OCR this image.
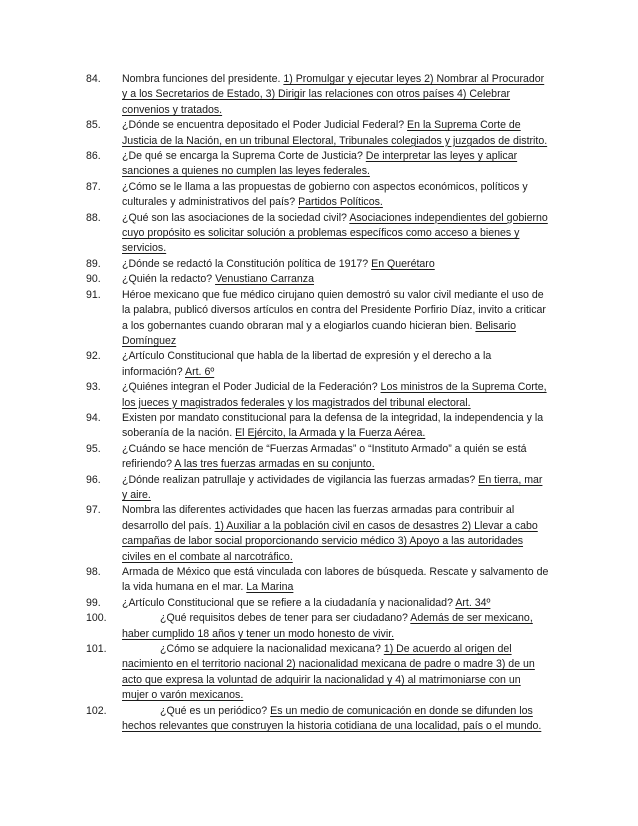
84. Nombra funciones del presidente. 1) Promulgar y ejecutar leyes 2) Nombrar al Procurador y a los Secretarios de Estado, 3) Dirigir las relaciones con otros países 4) Celebrar convenios y tratados.
85. ¿Dónde se encuentra depositado el Poder Judicial Federal? En la Suprema Corte de Justicia de la Nación, en un tribunal Electoral, Tribunales colegiados y juzgados de distrito.
86. ¿De qué se encarga la Suprema Corte de Justicia? De interpretar las leyes y aplicar sanciones a quienes no cumplen las leyes federales.
87. ¿Cómo se le llama a las propuestas de gobierno con aspectos económicos, políticos y culturales y administrativos del país? Partidos Políticos.
88. ¿Qué son las asociaciones de la sociedad civil? Asociaciones independientes del gobierno cuyo propósito es solicitar solución a problemas específicos como acceso a bienes y servicios.
89. ¿Dónde se redactó la Constitución política de 1917? En Querétaro
90. ¿Quién la redacto? Venustiano Carranza
91. Héroe mexicano que fue médico cirujano quien demostró su valor civil mediante el uso de la palabra, publicó diversos artículos en contra del Presidente Porfirio Díaz, invito a criticar a los gobernantes cuando obraran mal y a elogiarlos cuando hicieran bien. Belisario Domínguez
92. ¿Artículo Constitucional que habla de la libertad de expresión y el derecho a la información? Art. 6º
93. ¿Quiénes integran el Poder Judicial de la Federación? Los ministros de la Suprema Corte, los jueces y magistrados federales y los magistrados del tribunal electoral.
94. Existen por mandato constitucional para la defensa de la integridad, la independencia y la soberanía de la nación. El Ejército, la Armada y la Fuerza Aérea.
95. ¿Cuándo se hace mención de “Fuerzas Armadas” o “Instituto Armado” a quién se está refiriendo? A las tres fuerzas armadas en su conjunto.
96. ¿Dónde realizan patrullaje y actividades de vigilancia las fuerzas armadas? En tierra, mar y aire.
97. Nombra las diferentes actividades que hacen las fuerzas armadas para contribuir al desarrollo del país. 1) Auxiliar a la población civil en casos de desastres 2) Llevar a cabo campañas de labor social proporcionando servicio médico 3) Apoyo a las autoridades civiles en el combate al narcotráfico.
98. Armada de México que está vinculada con labores de búsqueda. Rescate y salvamento de la vida humana en el mar. La Marina
99. ¿Artículo Constitucional que se refiere a la ciudadanía y nacionalidad? Art. 34º
100.	¿Qué requisitos debes de tener para ser ciudadano? Además de ser mexicano, haber cumplido 18 años y tener un modo honesto de vivir.
101.	¿Cómo se adquiere la nacionalidad mexicana? 1) De acuerdo al origen del nacimiento en el territorio nacional 2) nacionalidad mexicana de padre o madre 3) de un acto que expresa la voluntad de adquirir la nacionalidad y 4) al matrimoniarse con un mujer o varón mexicanos.
102.	¿Qué es un periódico? Es un medio de comunicación en donde se difunden los hechos relevantes que construyen la historia cotidiana de una localidad, país o el mundo.
